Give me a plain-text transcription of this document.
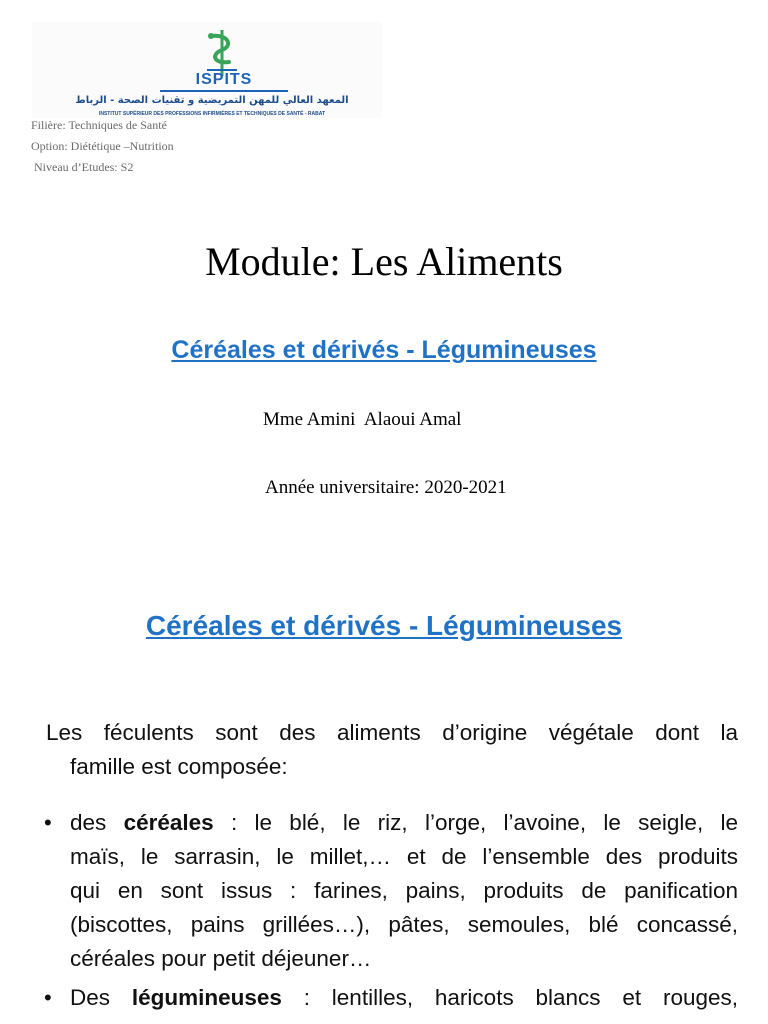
ISPITS
المعهد العالي للمهن التمريضية و تقنيات الصحة - الرباط
INSTITUT SUPÉRIEUR DES PROFESSIONS INFIRMIÈRES ET TECHNIQUES DE SANTÉ - RABAT
Filière: Techniques de Santé
Option: Diététique –Nutrition
Niveau d’Etudes: S2
Module: Les Aliments
Céréales et dérivés - Légumineuses
Mme Amini  Alaoui Amal
Année universitaire: 2020-2021
Céréales et dérivés - Légumineuses
Les féculents sont des aliments d’origine végétale dont la
famille est composée:
• des céréales : le blé, le riz, l’orge, l’avoine, le seigle, le
maïs, le sarrasin, le millet,… et de l’ensemble des produits
qui en sont issus : farines, pains, produits de panification
(biscottes, pains grillées…), pâtes, semoules, blé concassé,
céréales pour petit déjeuner…
• Des légumineuses : lentilles, haricots blancs et rouges,
